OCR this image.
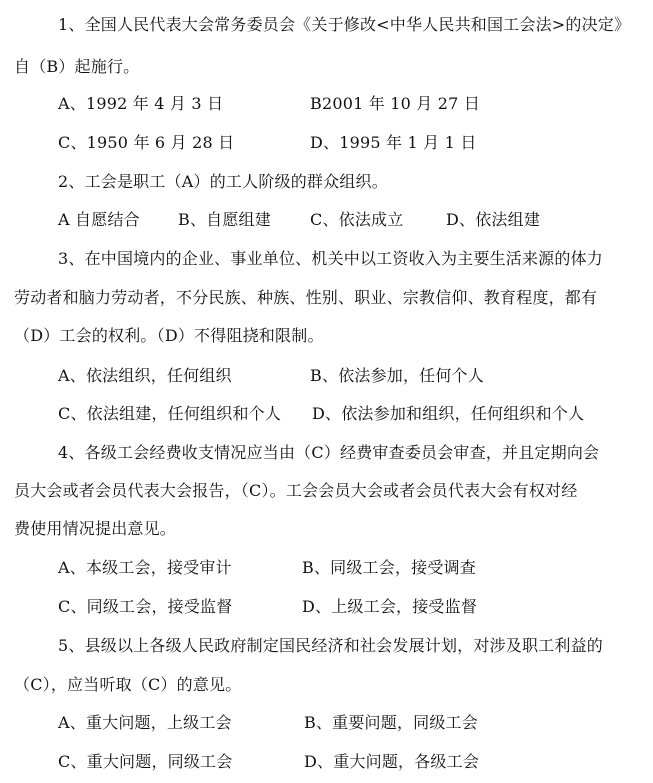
1、全国人民代表大会常务委员会《关于修改<中华人民共和国工会法>的决定》
自（B）起施行。
A、1992 年 4 月 3 日	B2001 年 10 月 27 日
C、1950 年 6 月 28 日	D、1995 年 1 月 1 日
2、工会是职工（A）的工人阶级的群众组织。
A 自愿结合 B、自愿组建 C、依法成立	D、依法组建
3、在中国境内的企业、事业单位、机关中以工资收入为主要生活来源的体力
劳动者和脑力劳动者，不分民族、种族、性别、职业、宗教信仰、教育程度，都有
（D）工会的权利。（D）不得阻挠和限制。
A、依法组织，任何组织	B、依法参加，任何个人
C、依法组建，任何组织和个人 D、依法参加和组织，任何组织和个人
4、各级工会经费收支情况应当由（C）经费审查委员会审查，并且定期向会
员大会或者会员代表大会报告，（C）。工会会员大会或者会员代表大会有权对经
费使用情况提出意见。
A、本级工会，接受审计	B、同级工会，接受调查
C、同级工会，接受监督	D、上级工会，接受监督
5、县级以上各级人民政府制定国民经济和社会发展计划，对涉及职工利益的
（C），应当听取（C）的意见。
A、重大问题，上级工会	B、重要问题，同级工会
C、重大问题，同级工会	D、重大问题，各级工会
